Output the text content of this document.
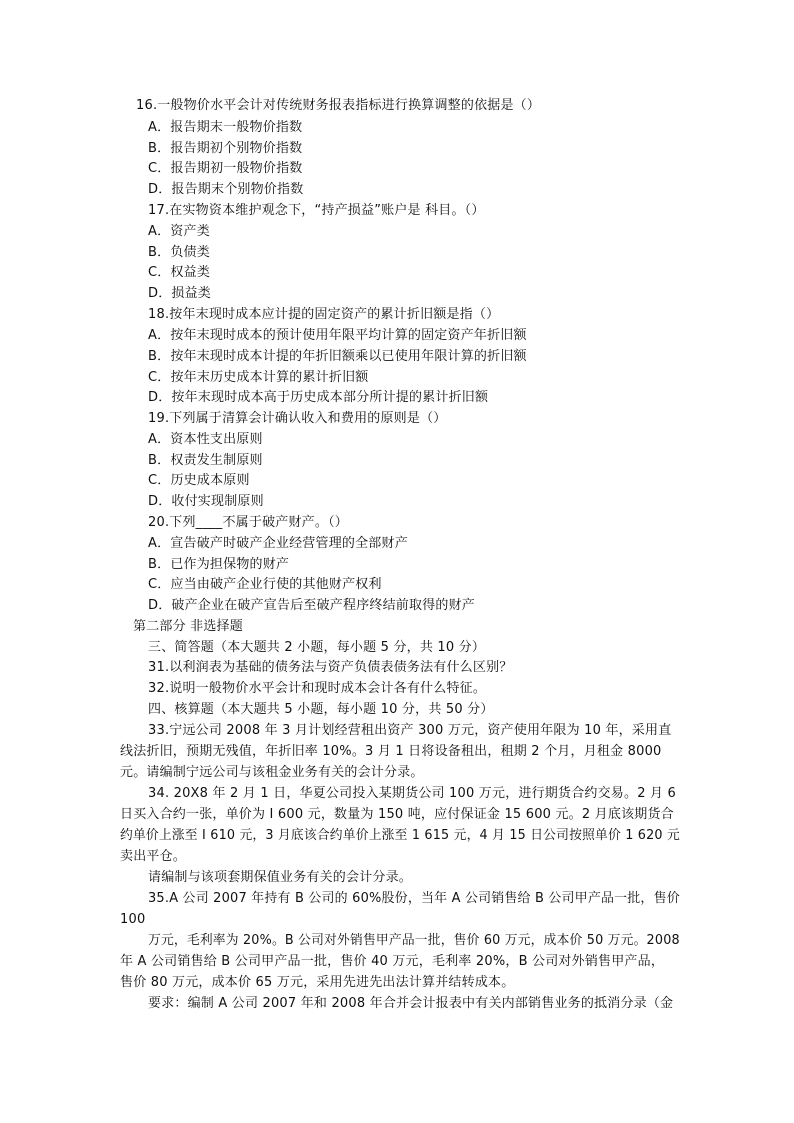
16.一般物价水平会计对传统财务报表指标进行换算调整的依据是（）
A．报告期末一般物价指数
B．报告期初个别物价指数
C．报告期初一般物价指数
D．报告期末个别物价指数
17.在实物资本维护观念下，“持产损益”账户是 科目。（）
A．资产类
B．负债类
C．权益类
D．损益类
18.按年末现时成本应计提的固定资产的累计折旧额是指（）
A．按年末现时成本的预计使用年限平均计算的固定资产年折旧额
B．按年末现时成本计提的年折旧额乘以已使用年限计算的折旧额
C．按年末历史成本计算的累计折旧额
D．按年末现时成本高于历史成本部分所计提的累计折旧额
19.下列属于清算会计确认收入和费用的原则是（）
A．资本性支出原则
B．权责发生制原则
C．历史成本原则
D．收付实现制原则
20.下列____不属于破产财产。（）
A．宣告破产时破产企业经营管理的全部财产
B．已作为担保物的财产
C．应当由破产企业行使的其他财产权利
D．破产企业在破产宣告后至破产程序终结前取得的财产
第二部分 非选择题
三、简答题（本大题共 2 小题，每小题 5 分，共 10 分）
31.以利润表为基础的债务法与资产负债表债务法有什么区别？
32.说明一般物价水平会计和现时成本会计各有什么特征。
四、核算题（本大题共 5 小题，每小题 10 分，共 50 分）
33.宁远公司 2008 年 3 月计划经营租出资产 300 万元，资产使用年限为 10 年，采用直
线法折旧，预期无残值，年折旧率 10%。3 月 1 日将设备租出，租期 2 个月，月租金 8000
元。请编制宁远公司与该租金业务有关的会计分录。
34. 20X8 年 2 月 1 日，华夏公司投入某期货公司 100 万元，进行期货合约交易。2 月 6
日买入合约一张，单价为 I 600 元，数量为 150 吨，应付保证金 15 600 元。2 月底该期货合
约单价上涨至 I 610 元，3 月底该合约单价上涨至 1 615 元，4 月 15 日公司按照单价 1 620 元
卖出平仓。
请编制与该项套期保值业务有关的会计分录。
35.A 公司 2007 年持有 B 公司的 60%股份，当年 A 公司销售给 B 公司甲产品一批，售价
100
万元，毛利率为 20%。B 公司对外销售甲产品一批，售价 60 万元，成本价 50 万元。2008
年 A 公司销售给 B 公司甲产品一批，售价 40 万元，毛利率 20%，B 公司对外销售甲产品，
售价 80 万元，成本价 65 万元，采用先进先出法计算并结转成本。
要求：编制 A 公司 2007 年和 2008 年合并会计报表中有关内部销售业务的抵消分录（金
